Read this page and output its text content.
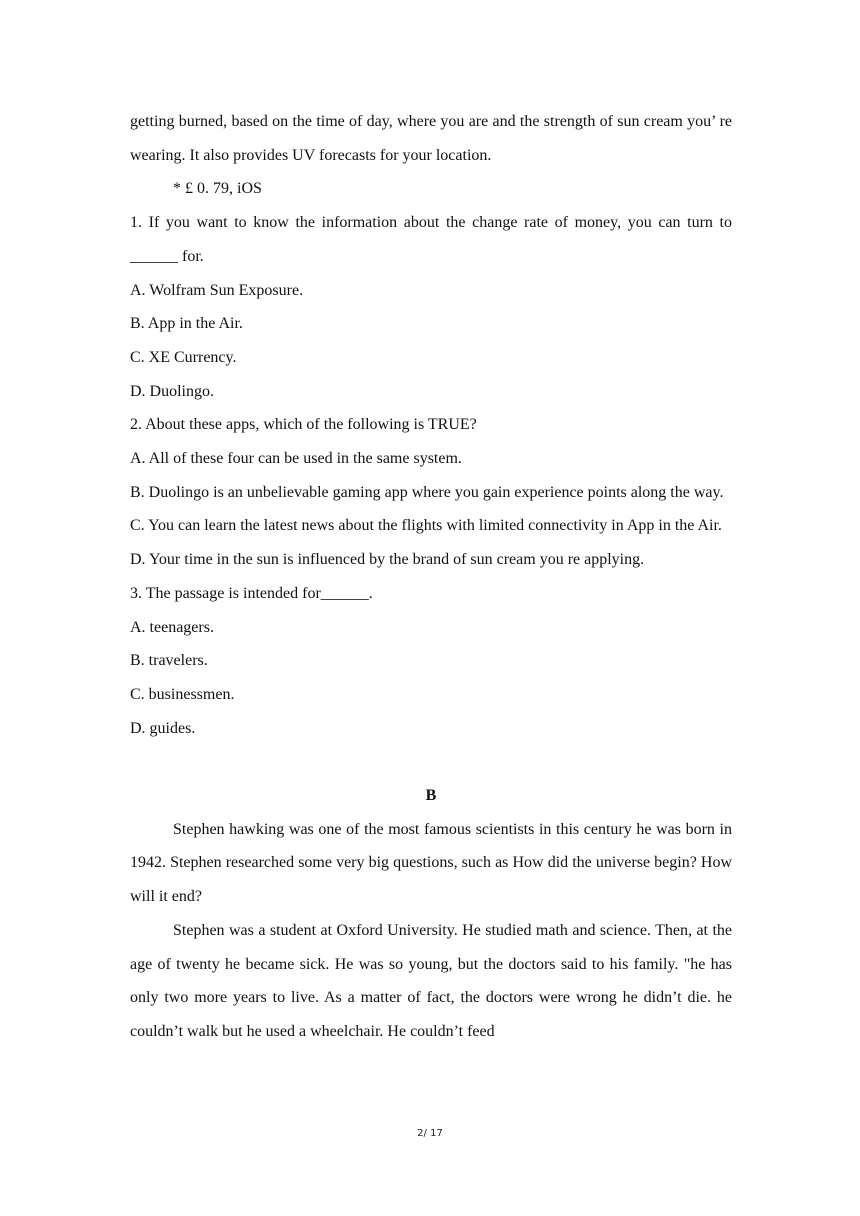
getting burned, based on the time of day, where you are and the strength of sun cream you’ re wearing. It also provides UV forecasts for your location.

* £ 0. 79, iOS

1. If you want to know the information about the change rate of money, you can turn to ______ for.

A. Wolfram Sun Exposure.

B. App in the Air.

C. XE Currency.

D. Duolingo.

2. About these apps, which of the following is TRUE?

A. All of these four can be used in the same system.

B. Duolingo is an unbelievable gaming app where you gain experience points along the way.

C. You can learn the latest news about the flights with limited connectivity in App in the Air.

D. Your time in the sun is influenced by the brand of sun cream you re applying.

3. The passage is intended for______.

A. teenagers.

B. travelers.

C. businessmen.

D. guides.

B

Stephen hawking was one of the most famous scientists in this century he was born in 1942. Stephen researched some very big questions, such as How did the universe begin? How will it end?

Stephen was a student at Oxford University. He studied math and science. Then, at the age of twenty he became sick. He was so young, but the doctors said to his family. "he has only two more years to live. As a matter of fact, the doctors were wrong he didn’t die. he couldn’t walk but he used a wheelchair. He couldn’t feed

2/ 17
